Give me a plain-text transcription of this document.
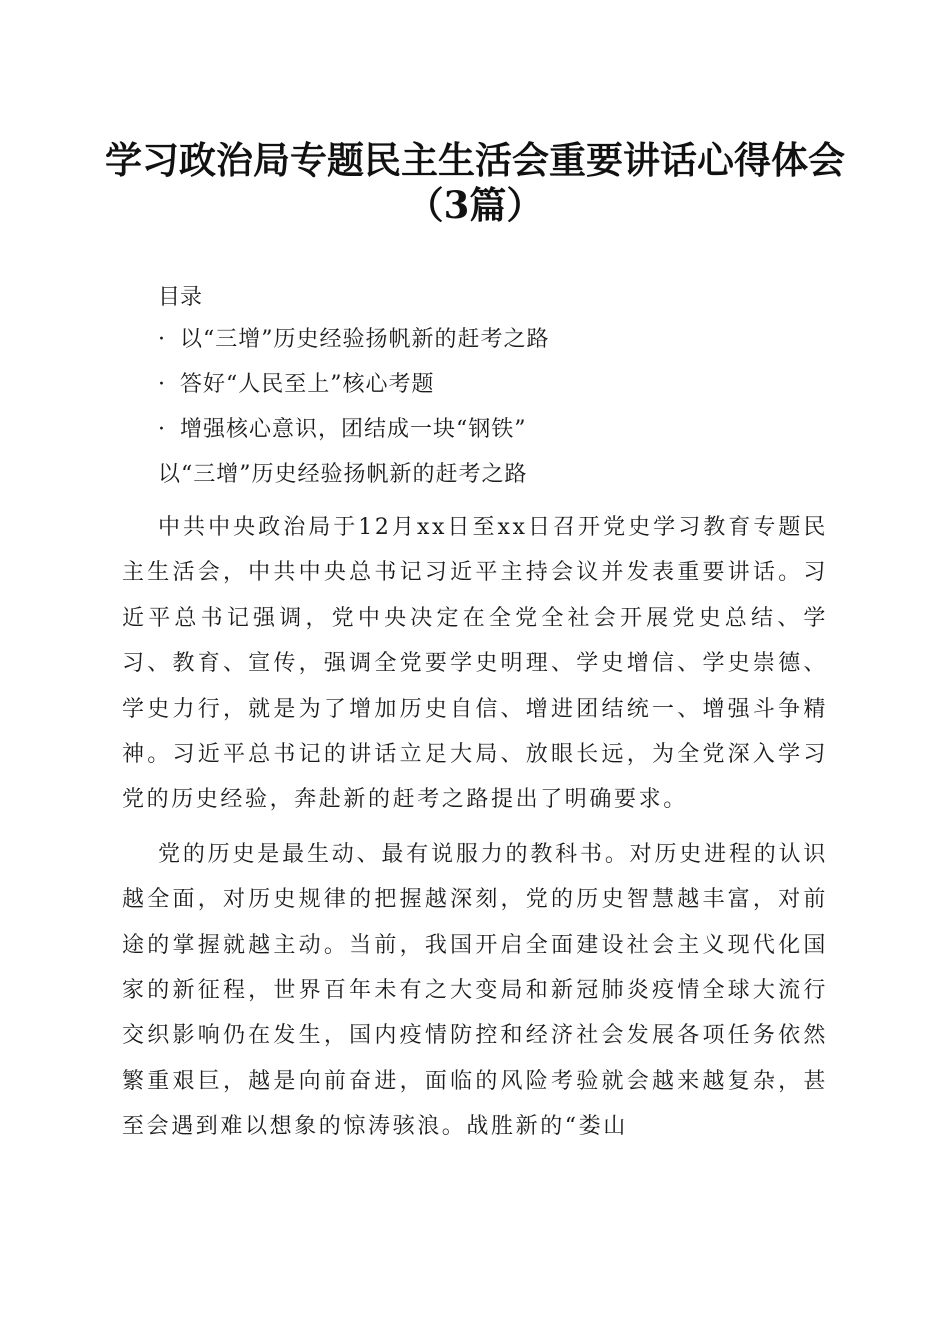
学习政治局专题民主生活会重要讲话心得体会
（3篇）
目录
· 以“三增”历史经验扬帆新的赶考之路
· 答好“人民至上”核心考题
· 增强核心意识，团结成一块“钢铁”
以“三增”历史经验扬帆新的赶考之路

中共中央政治局于12月xx日至xx日召开党史学习教育专题民主生活会，中共中央总书记习近平主持会议并发表重要讲话。习近平总书记强调，党中央决定在全党全社会开展党史总结、学习、教育、宣传，强调全党要学史明理、学史增信、学史崇德、学史力行，就是为了增加历史自信、增进团结统一、增强斗争精神。习近平总书记的讲话立足大局、放眼长远，为全党深入学习党的历史经验，奔赴新的赶考之路提出了明确要求。

党的历史是最生动、最有说服力的教科书。对历史进程的认识越全面，对历史规律的把握越深刻，党的历史智慧越丰富，对前途的掌握就越主动。当前，我国开启全面建设社会主义现代化国家的新征程，世界百年未有之大变局和新冠肺炎疫情全球大流行交织影响仍在发生，国内疫情防控和经济社会发展各项任务依然繁重艰巨，越是向前奋进，面临的风险考验就会越来越复杂，甚至会遇到难以想象的惊涛骇浪。战胜新的“娄山
